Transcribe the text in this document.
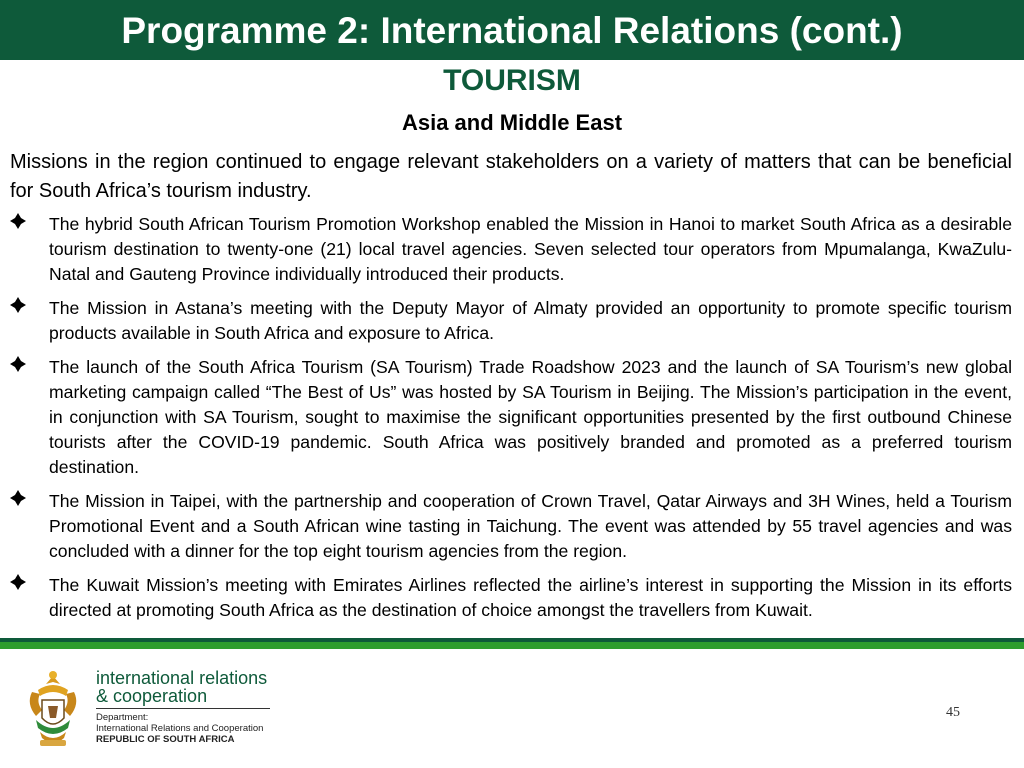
Programme 2: International Relations (cont.)
TOURISM
Asia and Middle East
Missions in the region continued to engage relevant stakeholders on a variety of matters that can be beneficial for South Africa’s tourism industry.
The hybrid South African Tourism Promotion Workshop enabled the Mission in Hanoi to market South Africa as a desirable tourism destination to twenty-one (21) local travel agencies. Seven selected tour operators from Mpumalanga, KwaZulu-Natal and Gauteng Province individually introduced their products.
The Mission in Astana’s meeting with the Deputy Mayor of Almaty provided an opportunity to promote specific tourism products available in South Africa and exposure to Africa.
The launch of the South Africa Tourism (SA Tourism) Trade Roadshow 2023 and the launch of SA Tourism’s new global marketing campaign called “The Best of Us” was hosted by SA Tourism in Beijing. The Mission’s participation in the event, in conjunction with SA Tourism, sought to maximise the significant opportunities presented by the first outbound Chinese tourists after the COVID-19 pandemic. South Africa was positively branded and promoted as a preferred tourism destination.
The Mission in Taipei, with the partnership and cooperation of Crown Travel, Qatar Airways and 3H Wines, held a Tourism Promotional Event and a South African wine tasting in Taichung. The event was attended by 55 travel agencies and was concluded with a dinner for the top eight tourism agencies from the region.
The Kuwait Mission’s meeting with Emirates Airlines reflected the airline’s interest in supporting the Mission in its efforts directed at promoting South Africa as the destination of choice amongst the travellers from Kuwait.
international relations
& cooperation
Department:
International Relations and Cooperation
REPUBLIC OF SOUTH AFRICA
45
